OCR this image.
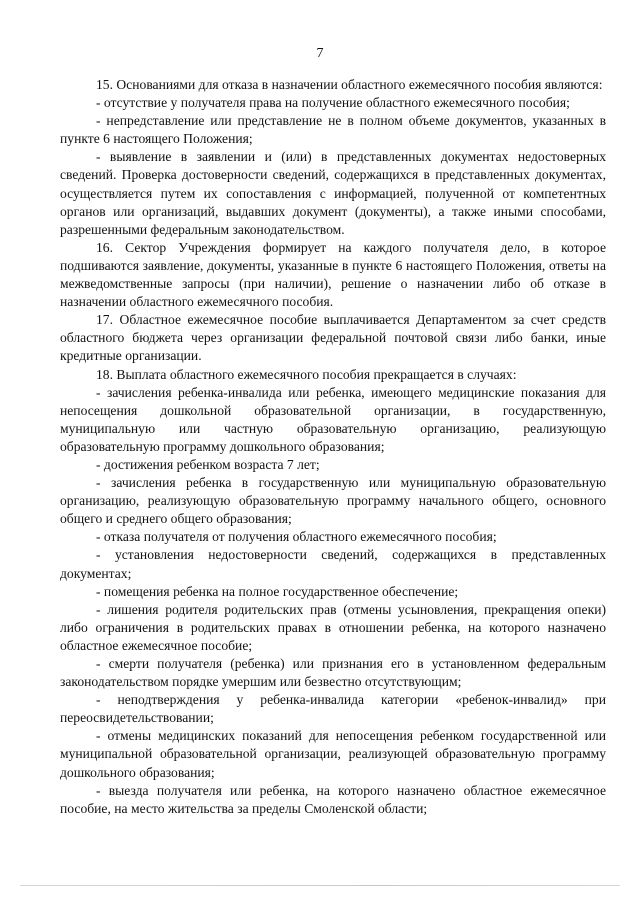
7

15. Основаниями для отказа в назначении областного ежемесячного пособия являются:

- отсутствие у получателя права на получение областного ежемесячного пособия;

- непредставление или представление не в полном объеме документов, указанных в пункте 6 настоящего Положения;

- выявление в заявлении и (или) в представленных документах недостоверных сведений. Проверка достоверности сведений, содержащихся в представленных документах, осуществляется путем их сопоставления с информацией, полученной от компетентных органов или организаций, выдавших документ (документы), а также иными способами, разрешенными федеральным законодательством.

16. Сектор Учреждения формирует на каждого получателя дело, в которое подшиваются заявление, документы, указанные в пункте 6 настоящего Положения, ответы на межведомственные запросы (при наличии), решение о назначении либо об отказе в назначении областного ежемесячного пособия.

17. Областное ежемесячное пособие выплачивается Департаментом за счет средств областного бюджета через организации федеральной почтовой связи либо банки, иные кредитные организации.

18. Выплата областного ежемесячного пособия прекращается в случаях:

- зачисления ребенка-инвалида или ребенка, имеющего медицинские показания для непосещения дошкольной образовательной организации, в государственную, муниципальную или частную образовательную организацию, реализующую образовательную программу дошкольного образования;

- достижения ребенком возраста 7 лет;

- зачисления ребенка в государственную или муниципальную образовательную организацию, реализующую образовательную программу начального общего, основного общего и среднего общего образования;

- отказа получателя от получения областного ежемесячного пособия;

- установления недостоверности сведений, содержащихся в представленных документах;

- помещения ребенка на полное государственное обеспечение;

- лишения родителя родительских прав (отмены усыновления, прекращения опеки) либо ограничения в родительских правах в отношении ребенка, на которого назначено областное ежемесячное пособие;

- смерти получателя (ребенка) или признания его в установленном федеральным законодательством порядке умершим или безвестно отсутствующим;

- неподтверждения у ребенка-инвалида категории «ребенок-инвалид» при переосвидетельствовании;

- отмены медицинских показаний для непосещения ребенком государственной или муниципальной образовательной организации, реализующей образовательную программу дошкольного образования;

- выезда получателя или ребенка, на которого назначено областное ежемесячное пособие, на место жительства за пределы Смоленской области;
